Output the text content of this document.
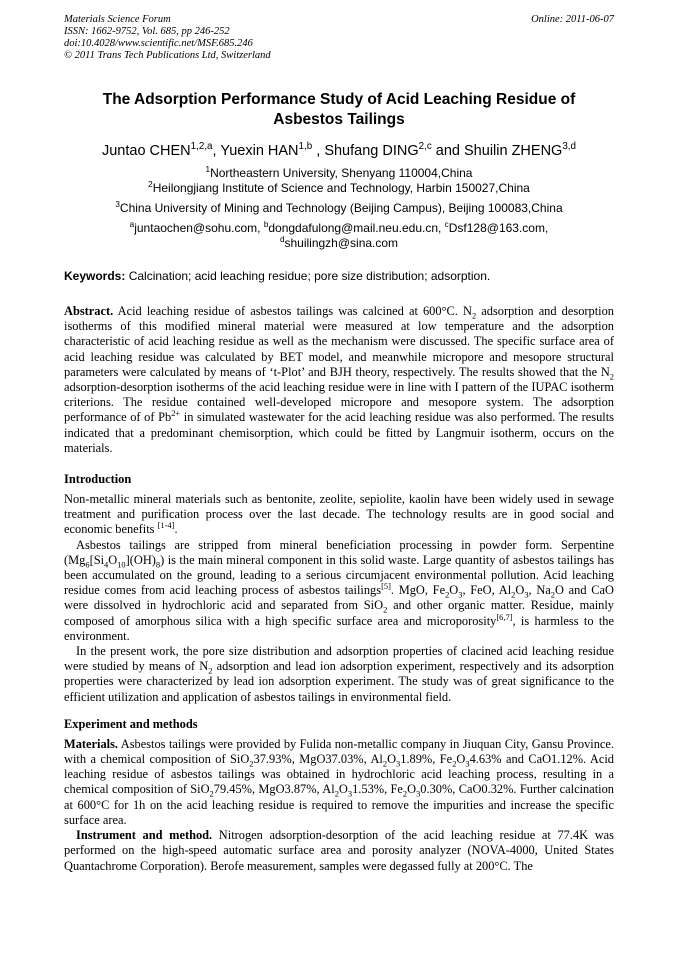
Materials Science Forum
ISSN: 1662-9752, Vol. 685, pp 246-252
doi:10.4028/www.scientific.net/MSF.685.246
© 2011 Trans Tech Publications Ltd, Switzerland
Online: 2011-06-07
The Adsorption Performance Study of Acid Leaching Residue of Asbestos Tailings
Juntao CHEN$^{1,2,a}$, Yuexin HAN$^{1,b}$ , Shufang DING$^{2,c}$ and Shuilin ZHENG$^{3,d}$
$^1$Northeastern University, Shenyang 110004,China
$^2$Heilongjiang Institute of Science and Technology, Harbin 150027,China
$^3$China University of Mining and Technology (Beijing Campus), Beijing 100083,China
$^a$juntaochen@sohu.com, $^b$dongdafulong@mail.neu.edu.cn, $^c$Dsf128@163.com,
$^d$shuilingzh@sina.com
Keywords: Calcination; acid leaching residue; pore size distribution; adsorption.
Abstract. Acid leaching residue of asbestos tailings was calcined at 600°C. $N_2$ adsorption and desorption isotherms of this modified mineral material were measured at low temperature and the adsorption characteristic of acid leaching residue as well as the mechanism were discussed. The specific surface area of acid leaching residue was calculated by BET model, and meanwhile micropore and mesopore structural parameters were calculated by means of ‘t-Plot’ and BJH theory, respectively. The results showed that the $N_2$ adsorption-desorption isotherms of the acid leaching residue were in line with I pattern of the IUPAC isotherm criterions. The residue contained well-developed micropore and mesopore system. The adsorption performance of of $Pb^{2+}$ in simulated wastewater for the acid leaching residue was also performed. The results indicated that a predominant chemisorption, which could be fitted by Langmuir isotherm, occurs on the materials.
Introduction
Non-metallic mineral materials such as bentonite, zeolite, sepiolite, kaolin have been widely used in sewage treatment and purification process over the last decade. The technology results are in good social and economic benefits [1-4].
Asbestos tailings are stripped from mineral beneficiation processing in powder form. Serpentine $(Mg_6[Si_4O_{10}](OH)_8)$ is the main mineral component in this solid waste. Large quantity of asbestos tailings has been accumulated on the ground, leading to a serious circumjacent environmental pollution. Acid leaching residue comes from acid leaching process of asbestos tailings[5]. MgO, $Fe_2O_3$, FeO, $Al_2O_3$, $Na_2O$ and CaO were dissolved in hydrochloric acid and separated from SiO$_2$ and other organic matter. Residue, mainly composed of amorphous silica with a high specific surface area and microporosity[6,7], is harmless to the environment.
In the present work, the pore size distribution and adsorption properties of clacined acid leaching residue were studied by means of $N_2$ adsorption and lead ion adsorption experiment, respectively and its adsorption properties were characterized by lead ion adsorption experiment. The study was of great significance to the efficient utilization and application of asbestos tailings in environmental field.
Experiment and methods
Materials. Asbestos tailings were provided by Fulida non-metallic company in Jiuquan City, Gansu Province. with a chemical composition of SiO$_2$37.93%, MgO37.03%, $Al_2O_31.89\%$, $Fe_2O_34.63\%$ and CaO1.12%. Acid leaching residue of asbestos tailings was obtained in hydrochloric acid leaching process, resulting in a chemical composition of SiO$_2$79.45%, MgO3.87%, $Al_2O_31.53\%$, $Fe_2O_30.30\%$, CaO0.32%. Further calcination at 600°C for 1h on the acid leaching residue is required to remove the impurities and increase the specific surface area.
Instrument and method. Nitrogen adsorption-desorption of the acid leaching residue at 77.4K was performed on the high-speed automatic surface area and porosity analyzer (NOVA-4000, United States Quantachrome Corporation). Berofe measurement, samples were degassed fully at 200°C. The
